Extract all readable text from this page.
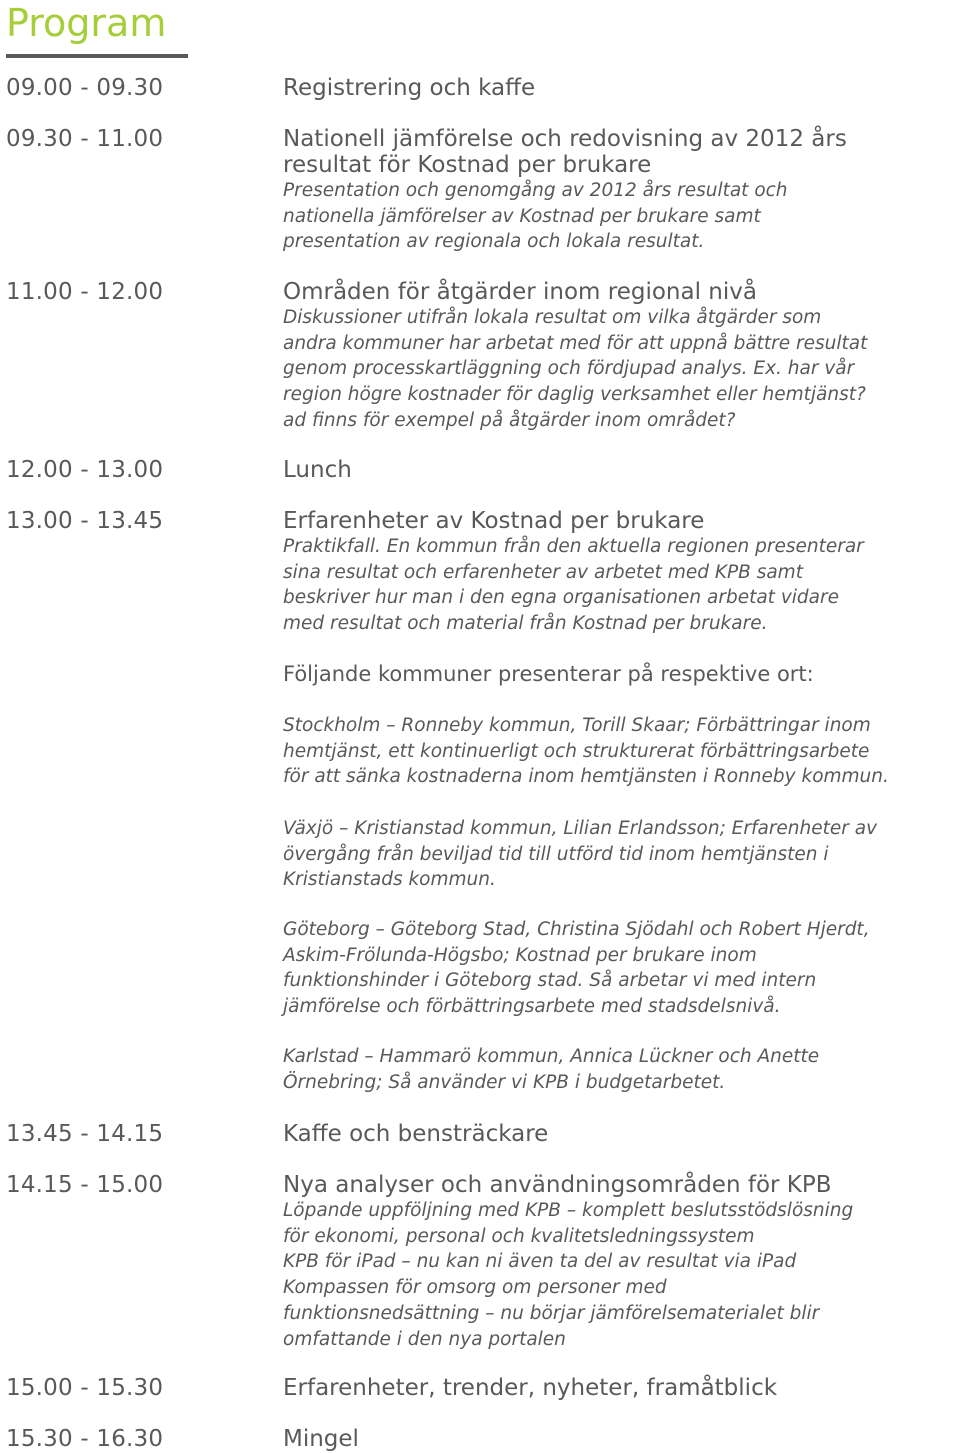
Program
09.00 - 09.30	Registrering och kaffe
09.30 - 11.00	Nationell jämförelse och redovisning av 2012 års
resultat för Kostnad per brukare
Presentation och genomgång av 2012 års resultat och
nationella jämförelser av Kostnad per brukare samt
presentation av regionala och lokala resultat.
11.00 - 12.00	Områden för åtgärder inom regional nivå
Diskussioner utifrån lokala resultat om vilka åtgärder som
andra kommuner har arbetat med för att uppnå bättre resultat
genom processkartläggning och fördjupad analys. Ex. har vår
region högre kostnader för daglig verksamhet eller hemtjänst?
ad finns för exempel på åtgärder inom området?
12.00 - 13.00	Lunch
13.00 - 13.45	Erfarenheter av Kostnad per brukare
Praktikfall. En kommun från den aktuella regionen presenterar
sina resultat och erfarenheter av arbetet med KPB samt
beskriver hur man i den egna organisationen arbetat vidare
med resultat och material från Kostnad per brukare.
Följande kommuner presenterar på respektive ort:
Stockholm – Ronneby kommun, Torill Skaar; Förbättringar inom
hemtjänst, ett kontinuerligt och strukturerat förbättringsarbete
för att sänka kostnaderna inom hemtjänsten i Ronneby kommun.
Växjö – Kristianstad kommun, Lilian Erlandsson; Erfarenheter av
övergång från beviljad tid till utförd tid inom hemtjänsten i
Kristianstads kommun.
Göteborg – Göteborg Stad, Christina Sjödahl och Robert Hjerdt,
Askim-Frölunda-Högsbo; Kostnad per brukare inom
funktionshinder i Göteborg stad. Så arbetar vi med intern
jämförelse och förbättringsarbete med stadsdelsnivå.
Karlstad – Hammarö kommun, Annica Lückner och Anette
Örnebring; Så använder vi KPB i budgetarbetet.
13.45 - 14.15	Kaffe och bensträckare
14.15 - 15.00	Nya analyser och användningsområden för KPB
Löpande uppföljning med KPB – komplett beslutsstödslösning
för ekonomi, personal och kvalitetsledningssystem
KPB för iPad – nu kan ni även ta del av resultat via iPad
Kompassen för omsorg om personer med
funktionsnedsättning – nu börjar jämförelsematerialet blir
omfattande i den nya portalen
15.00 - 15.30	Erfarenheter, trender, nyheter, framåtblick
15.30 - 16.30	Mingel
